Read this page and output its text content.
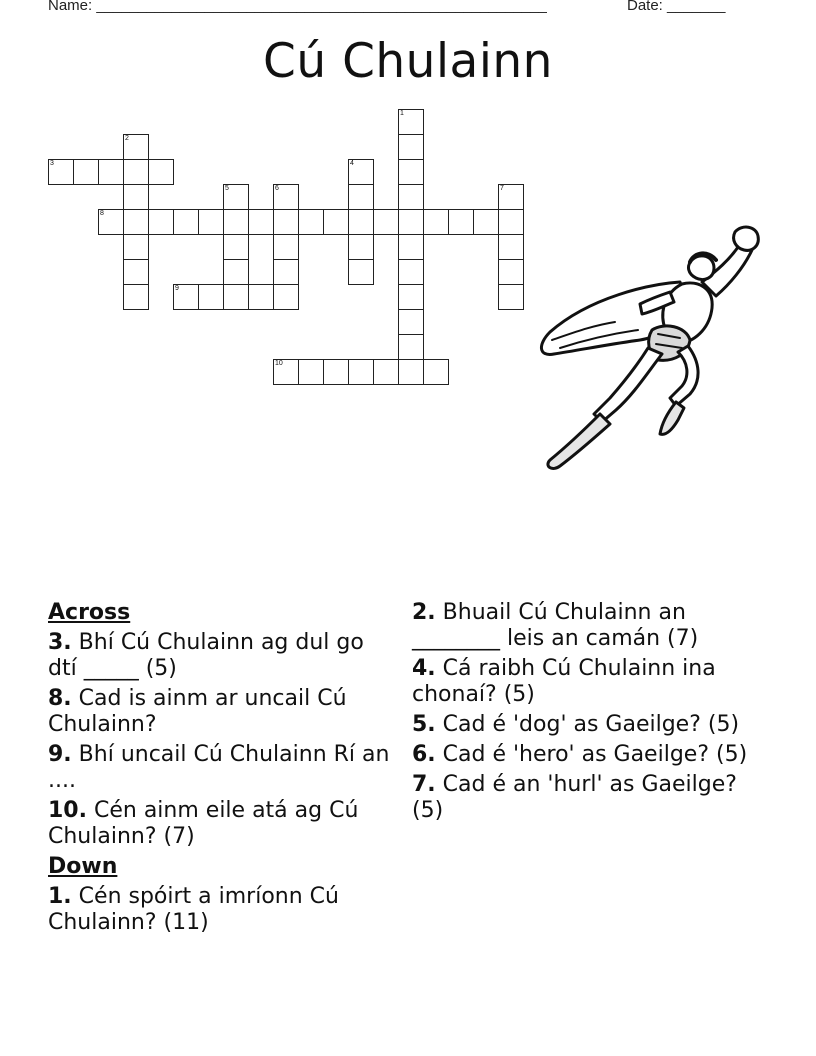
Name: ______________________________________________________	Date: _______
Cú Chulainn
3
8
9
10
1
2
4
5	6	7
Across
3. Bhí Cú Chulainn ag dul go dtí _____ (5)
8. Cad is ainm ar uncail Cú Chulainn?
9. Bhí uncail Cú Chulainn Rí an ....
10. Cén ainm eile atá ag Cú Chulainn? (7)
Down
1. Cén spóirt a imríonn Cú Chulainn? (11)
2. Bhuail Cú Chulainn an ________ leis an camán (7)
4. Cá raibh Cú Chulainn ina chonaí? (5)
5. Cad é 'dog' as Gaeilge? (5)
6. Cad é 'hero' as Gaeilge? (5)
7. Cad é an 'hurl' as Gaeilge? (5)
